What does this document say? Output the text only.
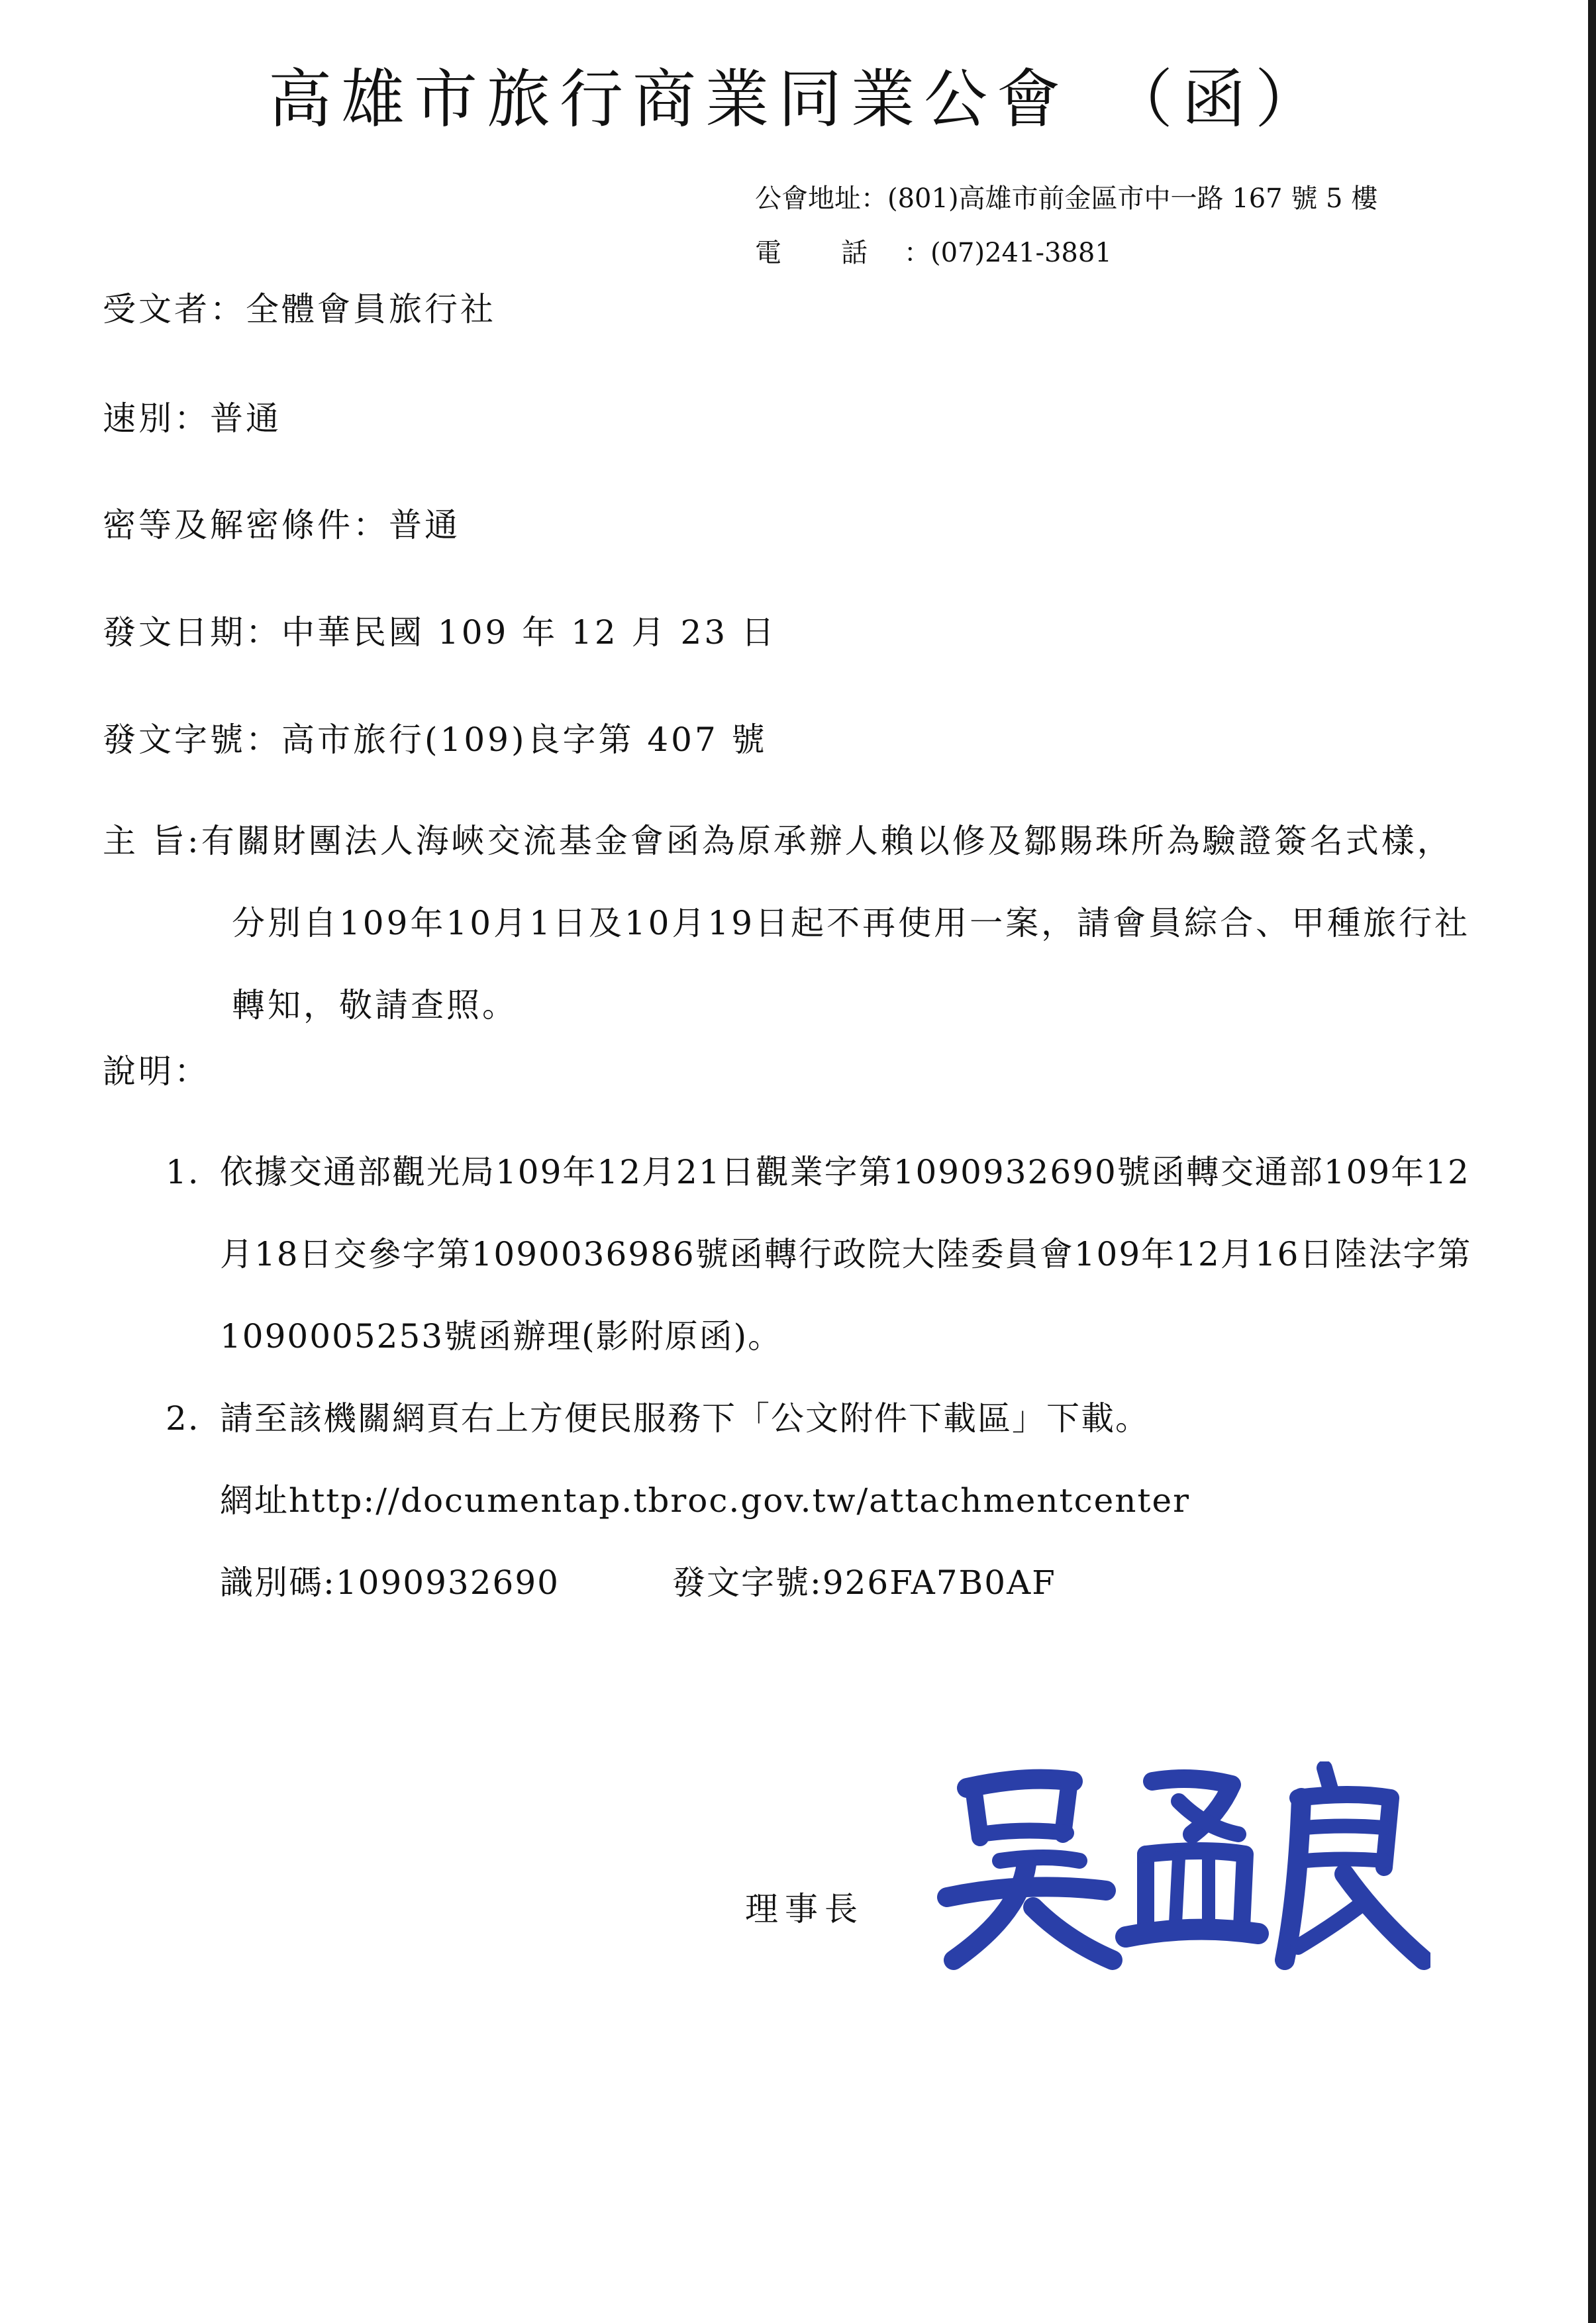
高雄市旅行商業同業公會 （函）
公會地址：(801)高雄市前金區市中一路 167 號 5 樓
電 話 ：(07)241-3881
受文者：全體會員旅行社
速別：普通
密等及解密條件：普通
發文日期：中華民國 109 年 12 月 23 日
發文字號：高市旅行(109)良字第 407 號
主 旨:有關財團法人海峽交流基金會函為原承辦人賴以修及鄒賜珠所為驗證簽名式樣，
分別自109年10月1日及10月19日起不再使用一案，請會員綜合、甲種旅行社
轉知，敬請查照。
說明：
1. 依據交通部觀光局109年12月21日觀業字第1090932690號函轉交通部109年12
月18日交參字第1090036986號函轉行政院大陸委員會109年12月16日陸法字第
1090005253號函辦理(影附原函)。
2. 請至該機關網頁右上方便民服務下「公文附件下載區」下載。
網址http://documentap.tbroc.gov.tw/attachmentcenter
識別碼:1090932690	發文字號:926FA7B0AF
理事長
